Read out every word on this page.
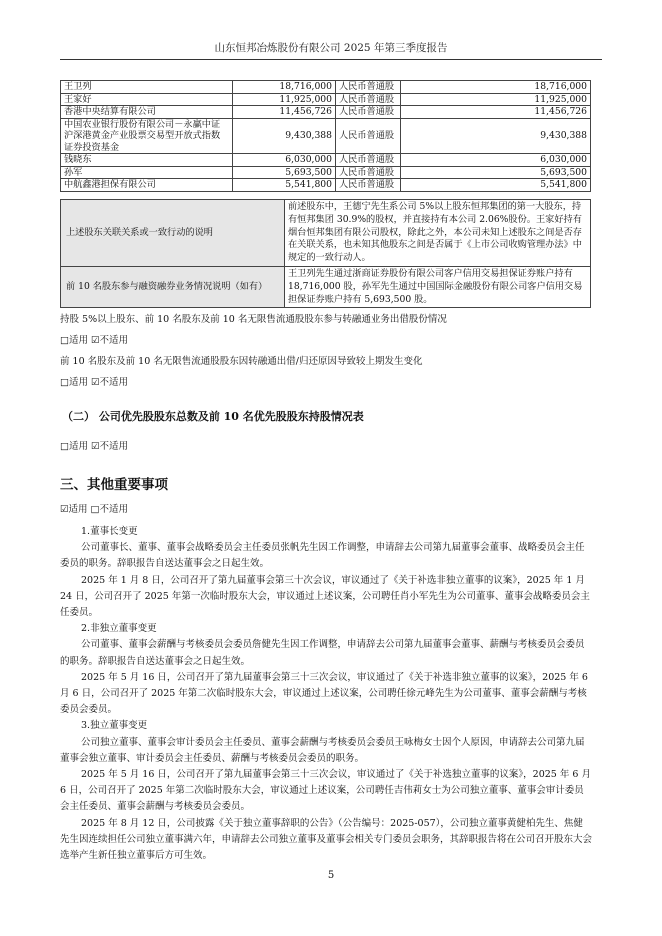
山东恒邦冶炼股份有限公司 2025 年第三季度报告
王卫列	18,716,000	人民币普通股	18,716,000
王家好	11,925,000	人民币普通股	11,925,000
香港中央结算有限公司	11,456,726	人民币普通股	11,456,726
中国农业银行股份有限公司－永赢中证沪深港黄金产业股票交易型开放式指数证券投资基金	9,430,388	人民币普通股	9,430,388
钱晓东	6,030,000	人民币普通股	6,030,000
孙军	5,693,500	人民币普通股	5,693,500
中航鑫港担保有限公司	5,541,800	人民币普通股	5,541,800
上述股东关联关系或一致行动的说明	前述股东中，王德宁先生系公司 5%以上股东恒邦集团的第一大股东，持有恒邦集团 30.9%的股权，并直接持有本公司 2.06%股份。王家好持有烟台恒邦集团有限公司股权，除此之外，本公司未知上述股东之间是否存在关联关系，也未知其他股东之间是否属于《上市公司收购管理办法》中规定的一致行动人。
前 10 名股东参与融资融券业务情况说明（如有）	王卫列先生通过浙商证券股份有限公司客户信用交易担保证券账户持有 18,716,000 股，孙军先生通过中国国际金融股份有限公司客户信用交易担保证券账户持有 5,693,500 股。
持股 5%以上股东、前 10 名股东及前 10 名无限售流通股股东参与转融通业务出借股份情况
□适用 ☑不适用
前 10 名股东及前 10 名无限售流通股股东因转融通出借/归还原因导致较上期发生变化
□适用 ☑不适用
（二） 公司优先股股东总数及前 10 名优先股股东持股情况表
□适用 ☑不适用
三、其他重要事项
☑适用 □不适用
1.董事长变更
公司董事长、董事、董事会战略委员会主任委员张帆先生因工作调整，申请辞去公司第九届董事会董事、战略委员会主任委员的职务。辞职报告自送达董事会之日起生效。
2025 年 1 月 8 日，公司召开了第九届董事会第三十次会议，审议通过了《关于补选非独立董事的议案》，2025 年 1 月 24 日，公司召开了 2025 年第一次临时股东大会，审议通过上述议案，公司聘任肖小军先生为公司董事、董事会战略委员会主任委员。
2.非独立董事变更
公司董事、董事会薪酬与考核委员会委员詹健先生因工作调整，申请辞去公司第九届董事会董事、薪酬与考核委员会委员的职务。辞职报告自送达董事会之日起生效。
2025 年 5 月 16 日，公司召开了第九届董事会第三十三次会议，审议通过了《关于补选非独立董事的议案》，2025 年 6 月 6 日，公司召开了 2025 年第二次临时股东大会，审议通过上述议案，公司聘任徐元峰先生为公司董事、董事会薪酬与考核委员会委员。
3.独立董事变更
公司独立董事、董事会审计委员会主任委员、董事会薪酬与考核委员会委员王咏梅女士因个人原因，申请辞去公司第九届董事会独立董事、审计委员会主任委员、薪酬与考核委员会委员的职务。
2025 年 5 月 16 日，公司召开了第九届董事会第三十三次会议，审议通过了《关于补选独立董事的议案》，2025 年 6 月 6 日，公司召开了 2025 年第二次临时股东大会，审议通过上述议案，公司聘任吉伟莉女士为公司独立董事、董事会审计委员会主任委员、董事会薪酬与考核委员会委员。
2025 年 8 月 12 日，公司披露《关于独立董事辞职的公告》（公告编号：2025-057），公司独立董事黄健柏先生、焦健先生因连续担任公司独立董事满六年，申请辞去公司独立董事及董事会相关专门委员会职务，其辞职报告将在公司召开股东大会选举产生新任独立董事后方可生效。
5
